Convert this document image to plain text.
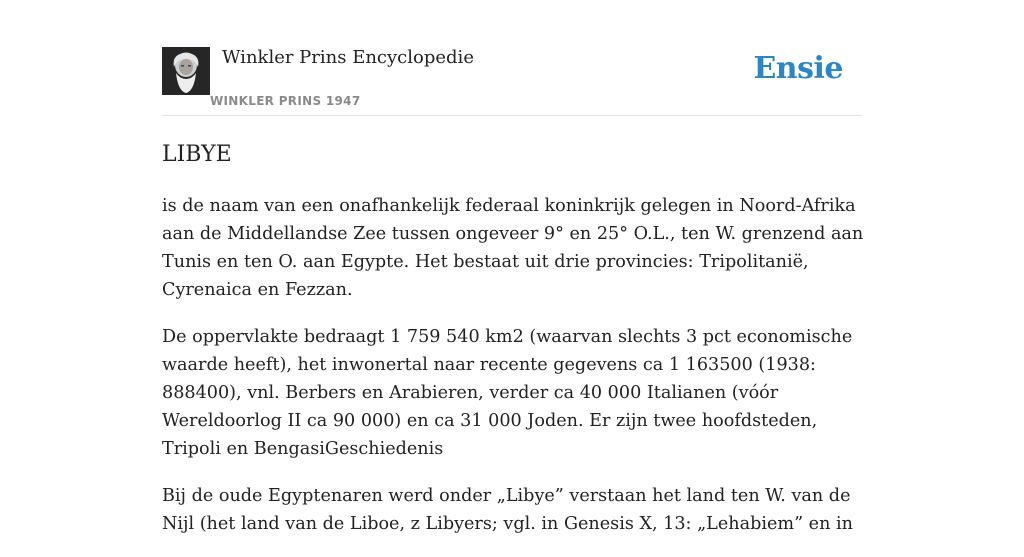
Winkler Prins Encyclopedie	Ensie
WINKLER PRINS 1947
LIBYE

is de naam van een onafhankelijk federaal koninkrijk gelegen in Noord-Afrika aan de Middellandse Zee tussen ongeveer 9° en 25° O.L., ten W. grenzend aan Tunis en ten O. aan Egypte. Het bestaat uit drie provincies: Tripolitanië, Cyrenaica en Fezzan.

De oppervlakte bedraagt 1 759 540 km2 (waarvan slechts 3 pct economische waarde heeft), het inwonertal naar recente gegevens ca 1 163500 (1938: 888400), vnl. Berbers en Arabieren, verder ca 40 000 Italianen (vóór Wereldoorlog II ca 90 000) en ca 31 000 Joden. Er zijn twee hoofdsteden, Tripoli en BengasiGeschiedenis

Bij de oude Egyptenaren werd onder „Libye” verstaan het land ten W. van de Nijl (het land van de Liboe, z Libyers; vgl. in Genesis X, 13: „Lehabiem” en in
